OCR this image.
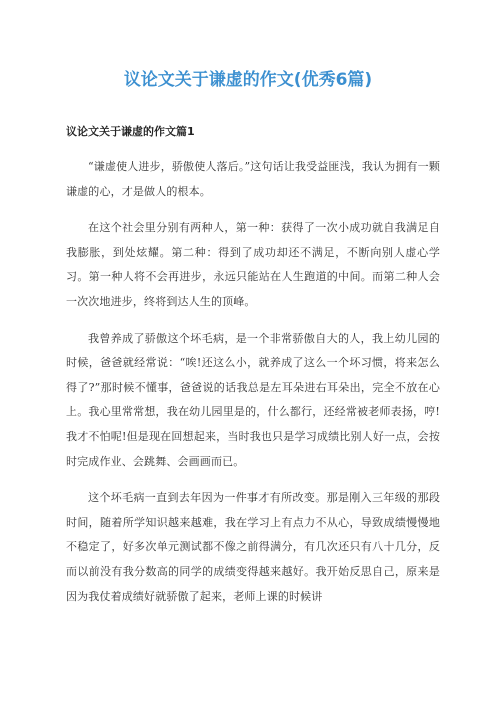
议论文关于谦虚的作文(优秀6篇)
议论文关于谦虚的作文篇1

“谦虚使人进步，骄傲使人落后。”这句话让我受益匪浅，我认为拥有一颗谦虚的心，才是做人的根本。

在这个社会里分别有两种人，第一种：获得了一次小成功就自我满足自我膨胀，到处炫耀。第二种：得到了成功却还不满足，不断向别人虚心学习。第一种人将不会再进步，永远只能站在人生跑道的中间。而第二种人会一次次地进步，终将到达人生的顶峰。

我曾养成了骄傲这个坏毛病，是一个非常骄傲自大的人，我上幼儿园的时候，爸爸就经常说：“唉!还这么小，就养成了这么一个坏习惯，将来怎么得了?”那时候不懂事，爸爸说的话我总是左耳朵进右耳朵出，完全不放在心上。我心里常常想，我在幼儿园里是的，什么都行，还经常被老师表扬，哼!我才不怕呢!但是现在回想起来，当时我也只是学习成绩比别人好一点，会按时完成作业、会跳舞、会画画而已。

这个坏毛病一直到去年因为一件事才有所改变。那是刚入三年级的那段时间，随着所学知识越来越难，我在学习上有点力不从心，导致成绩慢慢地不稳定了，好多次单元测试都不像之前得满分，有几次还只有八十几分，反而以前没有我分数高的同学的成绩变得越来越好。我开始反思自己，原来是因为我仗着成绩好就骄傲了起来，老师上课的时候讲
